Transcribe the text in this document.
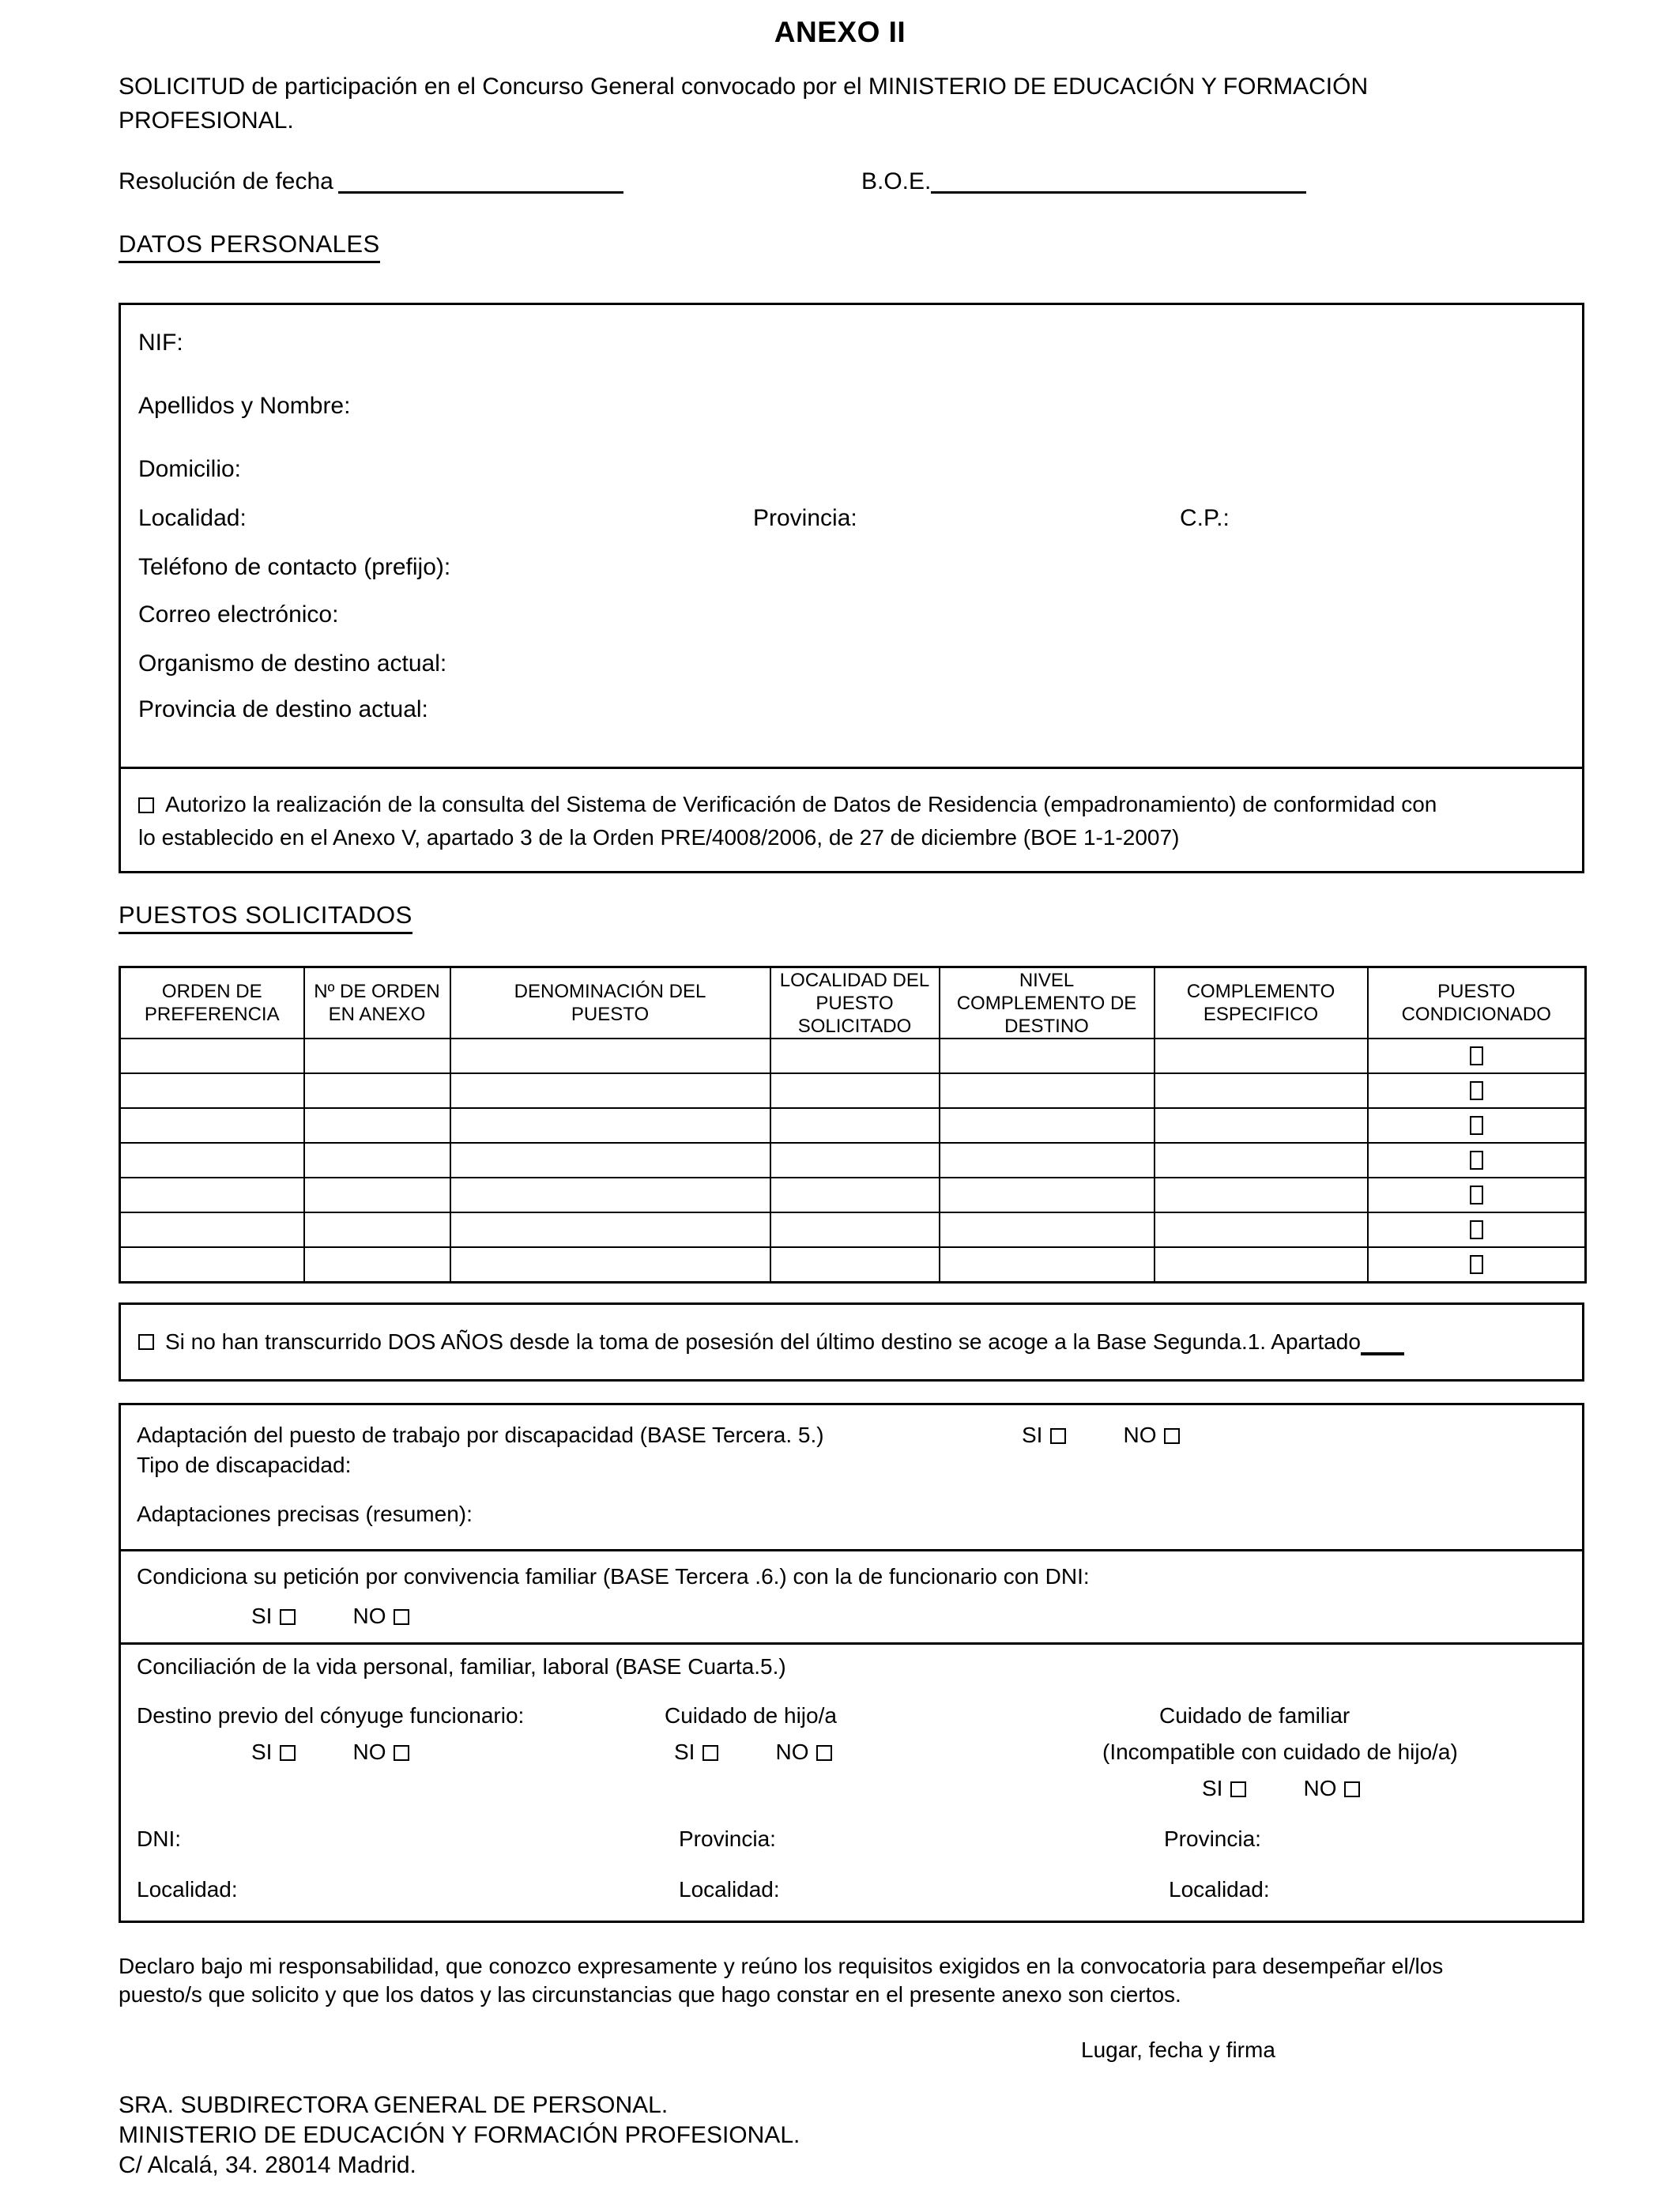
ANEXO II
SOLICITUD de participación en el Concurso General convocado por el MINISTERIO DE EDUCACIÓN Y FORMACIÓN
PROFESIONAL.
Resolución de fecha	B.O.E.
DATOS PERSONALES
NIF:
Apellidos y Nombre:
Domicilio:
Localidad:	Provincia:	C.P.:
Teléfono de contacto (prefijo):
Correo electrónico:
Organismo de destino actual:
Provincia de destino actual:
Autorizo la realización de la consulta del Sistema de Verificación de Datos de Residencia (empadronamiento) de conformidad con
lo establecido en el Anexo V, apartado 3 de la Orden PRE/4008/2006, de 27 de diciembre (BOE 1-1-2007)
PUESTOS SOLICITADOS
ORDEN DE PREFERENCIA	Nº DE ORDEN EN ANEXO	DENOMINACIÓN DEL PUESTO	LOCALIDAD DEL PUESTO SOLICITADO	NIVEL COMPLEMENTO DE DESTINO	COMPLEMENTO ESPECIFICO	PUESTO CONDICIONADO

Si no han transcurrido DOS AÑOS desde la toma de posesión del último destino se acoge a la Base Segunda.1. Apartado
Adaptación del puesto de trabajo por discapacidad (BASE Tercera. 5.)	SI	NO
Tipo de discapacidad:
Adaptaciones precisas (resumen):
Condiciona su petición por convivencia familiar (BASE Tercera .6.) con la de funcionario con DNI:
SI	NO
Conciliación de la vida personal, familiar, laboral (BASE Cuarta.5.)
Destino previo del cónyuge funcionario:	Cuidado de hijo/a	Cuidado de familiar
SI	NO	SI	NO	(Incompatible con cuidado de hijo/a)
SI	NO
DNI:	Provincia:	Provincia:
Localidad:	Localidad:	Localidad:
Declaro bajo mi responsabilidad, que conozco expresamente y reúno los requisitos exigidos en la convocatoria para desempeñar el/los
puesto/s que solicito y que los datos y las circunstancias que hago constar en el presente anexo son ciertos.
Lugar, fecha y firma
SRA. SUBDIRECTORA GENERAL DE PERSONAL.
MINISTERIO DE EDUCACIÓN Y FORMACIÓN PROFESIONAL.
C/ Alcalá, 34. 28014 Madrid.
